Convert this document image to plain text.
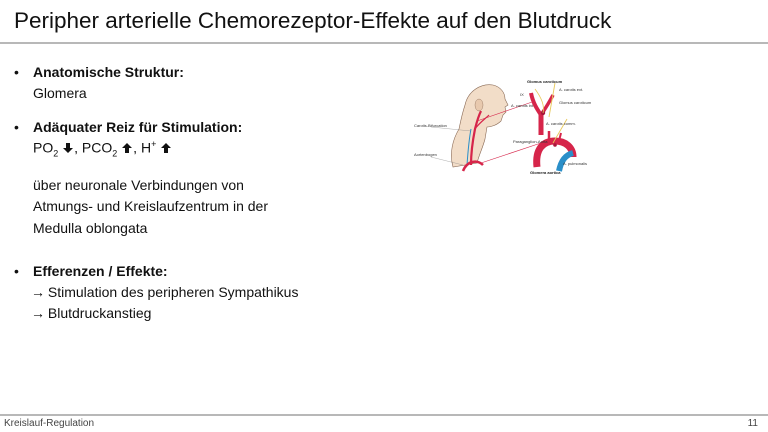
Peripher arterielle Chemorezeptor-Effekte auf den Blutdruck
• Anatomische Struktur:
Glomera
• Adäquater Reiz für Stimulation:
$PO_2$ , $PCO_2$ , H+
über neuronale Verbindungen von
Atmungs- und Kreislaufzentrum in der
Medulla oblongata
• Efferenzen / Effekte:
→ Stimulation des peripheren Sympathikus
→ Blutdruckanstieg
Glomus caroticum
IX
A. carotis ext.
Glomus caroticum
A. carotis int.
A. carotis comm.
Carotis-Bifurcation
Aortenbogen
Paraganglion-Aorta
A. pulmonalis
Glomera aortica
Kreislauf-Regulation	11
